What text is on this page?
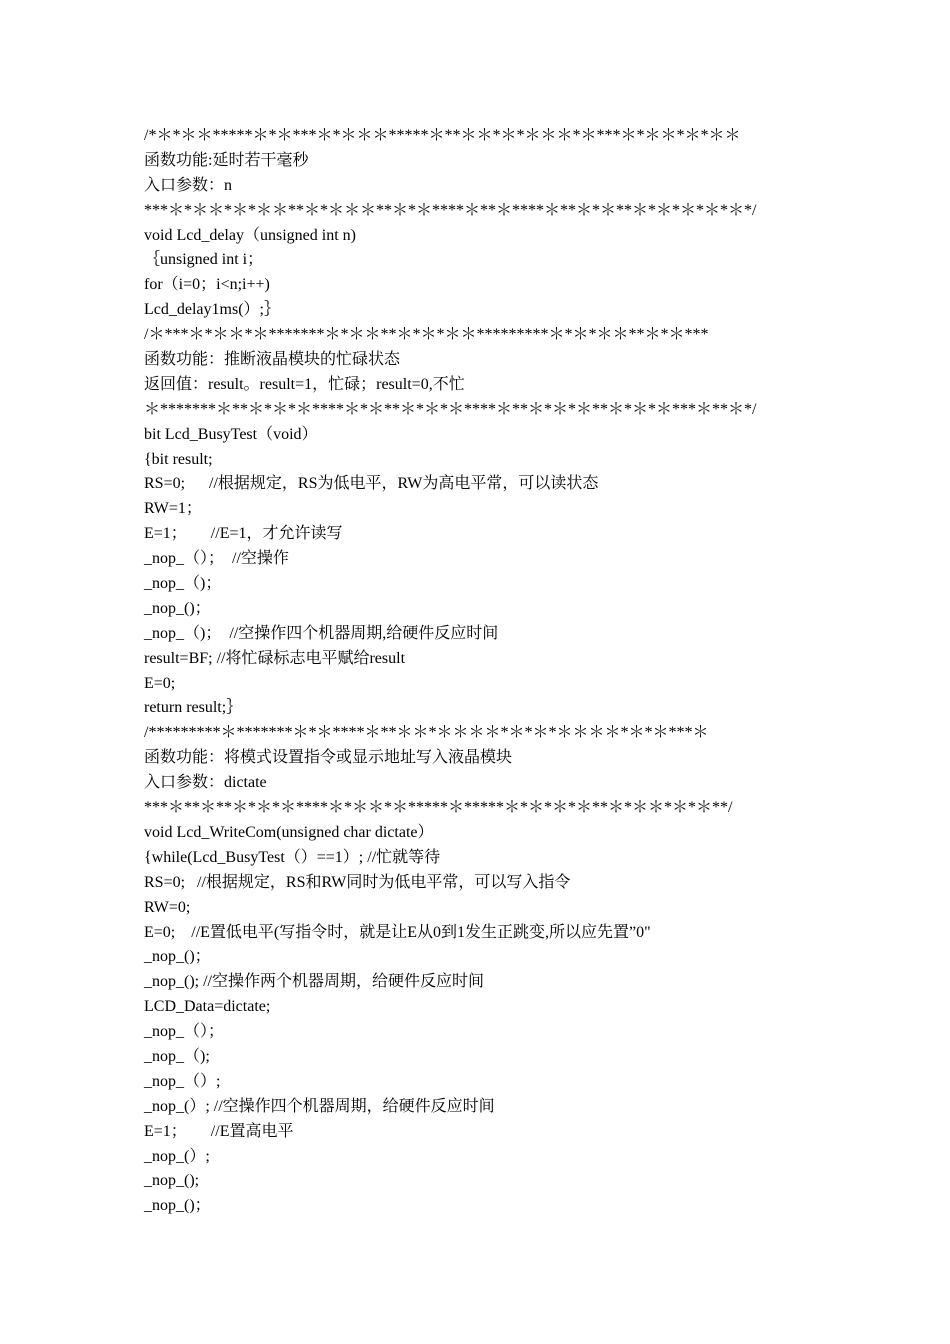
/*＊*＊＊*****＊*＊***＊*＊＊＊*****＊**＊＊*＊*＊＊＊*＊***＊*＊＊*＊*＊＊
函数功能:延时若干毫秒
入口参数：n
***＊*＊＊*＊*＊＊**＊*＊＊＊**＊*＊****＊**＊****＊**＊*＊**＊*＊*＊*＊*＊*/
void Lcd_delay（unsigned int n)
｛unsigned int i；
for（i=0；i<n;i++)
Lcd_delay1ms(）;｝
/＊***＊*＊＊*＊*******＊*＊＊**＊*＊*＊＊*********＊*＊*＊＊**＊*＊***
函数功能：推断液晶模块的忙碌状态
返回值：result。result=1，忙碌；result=0,不忙
＊*******＊**＊*＊*＊****＊*＊**＊*＊*＊****＊**＊*＊*＊**＊*＊*＊***＊**＊*/
bit Lcd_BusyTest（void）
{bit result;
RS=0;      //根据规定，RS为低电平，RW为高电平常，可以读状态
RW=1；
E=1；      //E=1，才允许读写
_nop_（）；  //空操作
_nop_（)；
_nop_()；
_nop_（)；  //空操作四个机器周期,给硬件反应时间
result=BF; //将忙碌标志电平赋给result
E=0;
return result;｝
/*********＊*******＊*＊****＊**＊＊*＊＊＊＊*＊*＊*＊＊＊＊*＊*＊***＊
函数功能：将模式设置指令或显示地址写入液晶模块
入口参数：dictate
***＊**＊**＊*＊*＊****＊*＊＊*＊*****＊*****＊*＊*＊*＊**＊*＊＊*＊*＊**/
void Lcd_WriteCom(unsigned char dictate）
{while(Lcd_BusyTest（）==1）; //忙就等待
RS=0;   //根据规定，RS和RW同时为低电平常，可以写入指令
RW=0;
E=0;    //E置低电平(写指令时，就是让E从0到1发生正跳变,所以应先置”0"
_nop_()；
_nop_(); //空操作两个机器周期，给硬件反应时间
LCD_Data=dictate;
_nop_（）；
_nop_（);
_nop_（）;
_nop_(）; //空操作四个机器周期，给硬件反应时间
E=1；      //E置高电平
_nop_(）;
_nop_();
_nop_()；
